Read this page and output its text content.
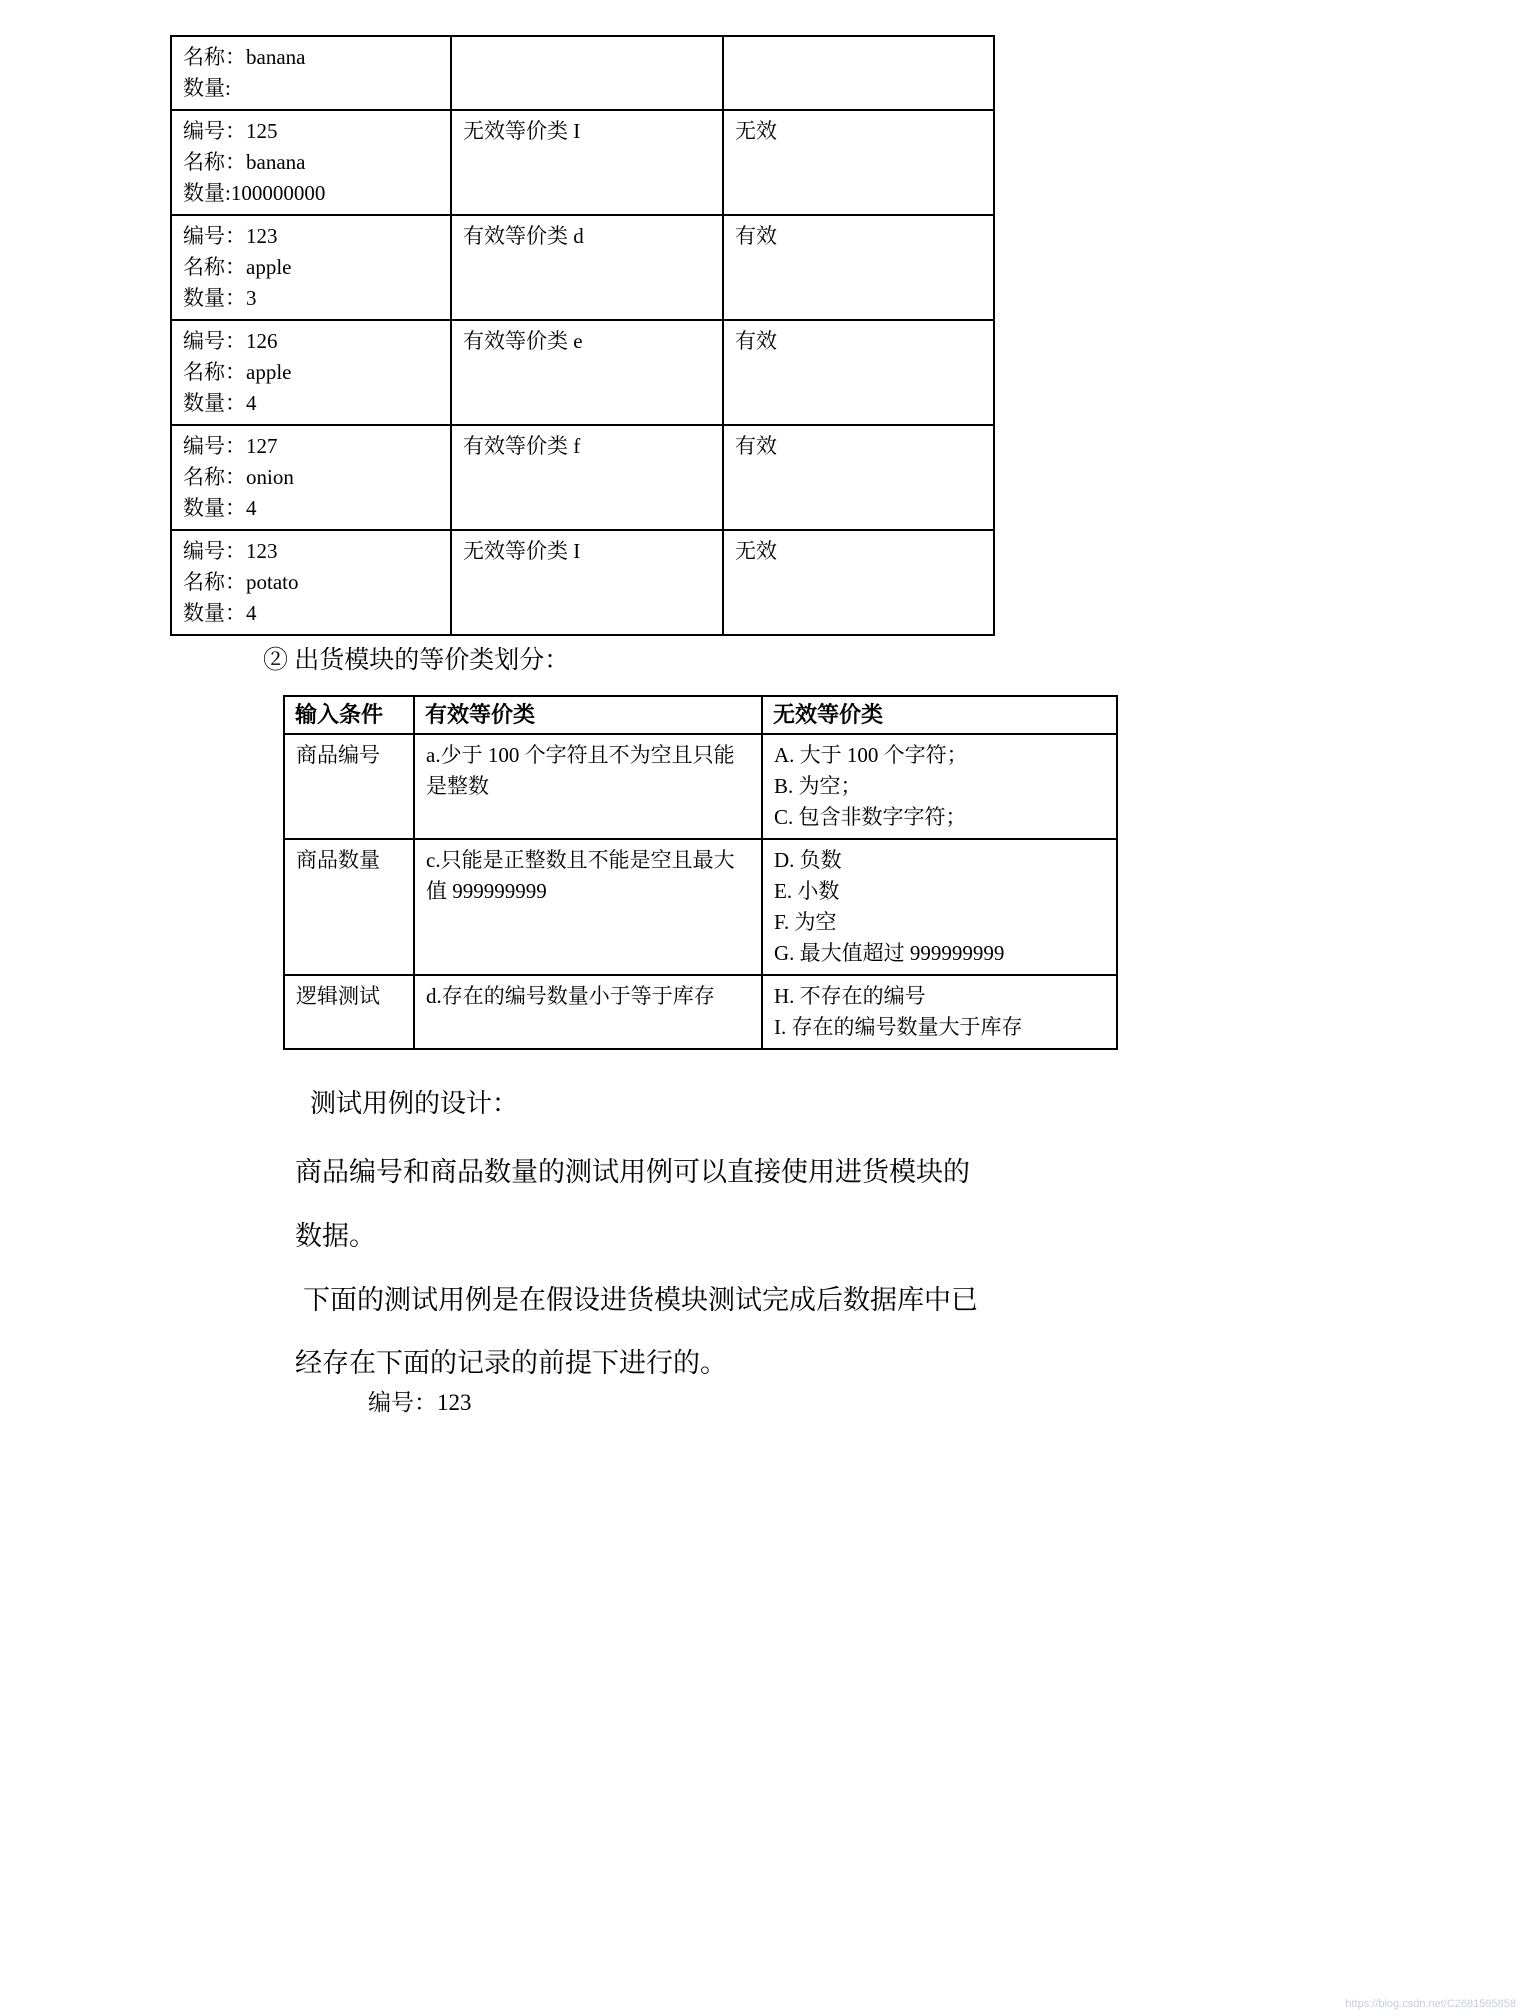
名称：banana
数量:		

编号：125
名称：banana
数量:100000000	无效等价类 I	无效

编号：123
名称：apple
数量：3	有效等价类 d	有效

编号：126
名称：apple
数量：4	有效等价类 e	有效

编号：127
名称：onion
数量：4	有效等价类 f	有效

编号：123
名称：potato
数量：4	无效等价类 I	无效
② 出货模块的等价类划分：
输入条件	有效等价类	无效等价类
商品编号	a.少于 100 个字符且不为空且只能是整数	A. 大于 100 个字符；
B. 为空；
C. 包含非数字字符；

商品数量	c.只能是正整数且不能是空且最大值 999999999	D. 负数
E. 小数
F. 为空
G. 最大值超过 999999999

逻辑测试	d.存在的编号数量小于等于库存	H. 不存在的编号
I. 存在的编号数量大于库存
测试用例的设计：
商品编号和商品数量的测试用例可以直接使用进货模块的
数据。
下面的测试用例是在假设进货模块测试完成后数据库中已
经存在下面的记录的前提下进行的。
编号：123
https://blog.csdn.net/C2681595858
